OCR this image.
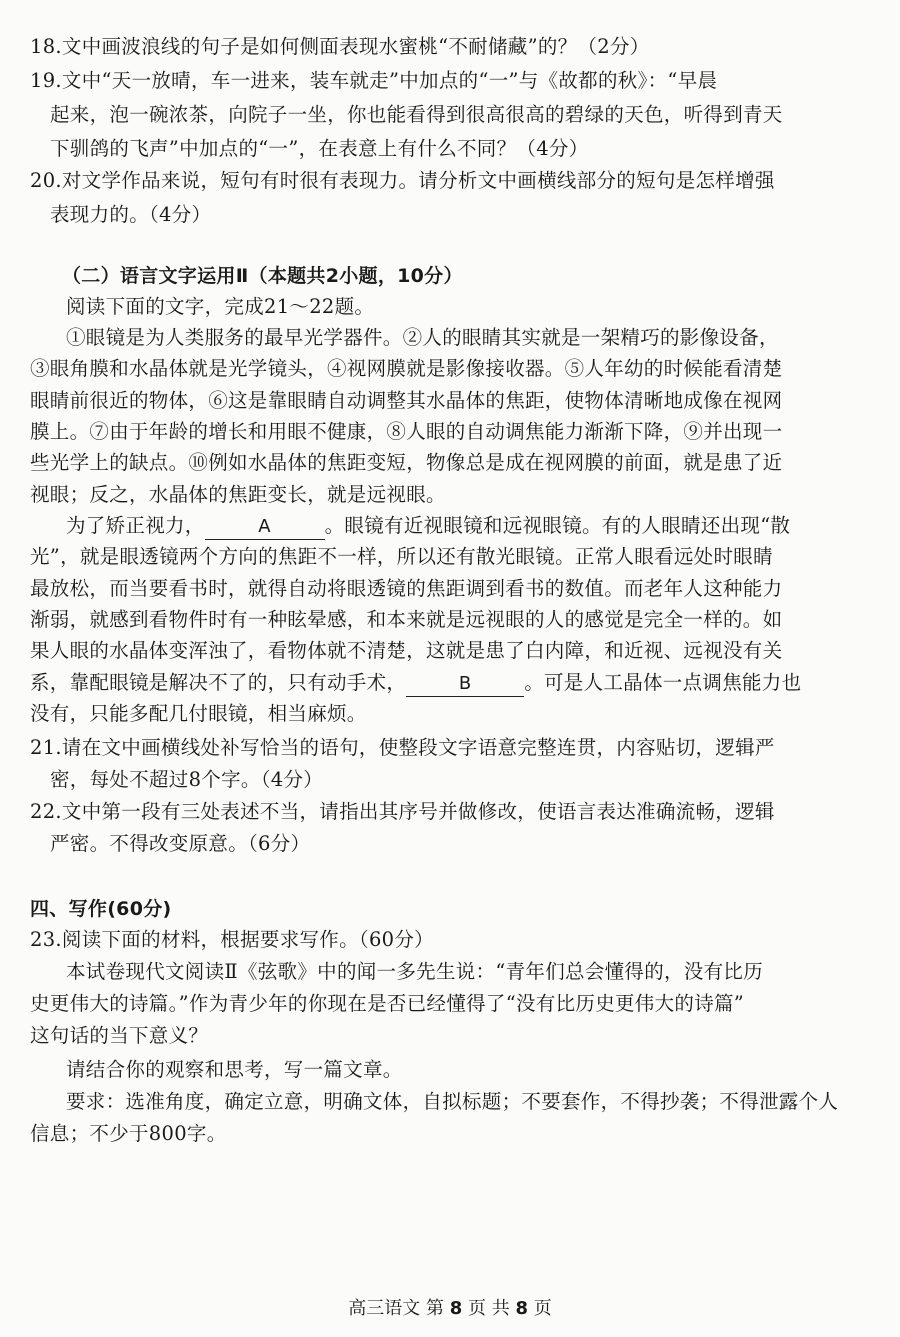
18.文中画波浪线的句子是如何侧面表现水蜜桃“不耐储藏”的？（2分）
19.文中“天一放晴，车一进来，装车就走”中加点的“一”与《故都的秋》：“早晨
起来，泡一碗浓茶，向院子一坐，你也能看得到很高很高的碧绿的天色，听得到青天
下驯鸽的飞声”中加点的“一”，在表意上有什么不同？（4分）
20.对文学作品来说，短句有时很有表现力。请分析文中画横线部分的短句是怎样增强
表现力的。（4分）
（二）语言文字运用Ⅱ（本题共2小题，10分）
阅读下面的文字，完成21～22题。
①眼镜是为人类服务的最早光学器件。②人的眼睛其实就是一架精巧的影像设备，
③眼角膜和水晶体就是光学镜头，④视网膜就是影像接收器。⑤人年幼的时候能看清楚
眼睛前很近的物体，⑥这是靠眼睛自动调整其水晶体的焦距，使物体清晰地成像在视网
膜上。⑦由于年龄的增长和用眼不健康，⑧人眼的自动调焦能力渐渐下降，⑨并出现一
些光学上的缺点。⑩例如水晶体的焦距变短，物像总是成在视网膜的前面，就是患了近
视眼；反之，水晶体的焦距变长，就是远视眼。
为了矫正视力，	A	。眼镜有近视眼镜和远视眼镜。有的人眼睛还出现“散
光”，就是眼透镜两个方向的焦距不一样，所以还有散光眼镜。正常人眼看远处时眼睛
最放松，而当要看书时，就得自动将眼透镜的焦距调到看书的数值。而老年人这种能力
渐弱，就感到看物件时有一种眩晕感，和本来就是远视眼的人的感觉是完全一样的。如
果人眼的水晶体变浑浊了，看物体就不清楚，这就是患了白内障，和近视、远视没有关
系，靠配眼镜是解决不了的，只有动手术，	B	。可是人工晶体一点调焦能力也
没有，只能多配几付眼镜，相当麻烦。
21.请在文中画横线处补写恰当的语句，使整段文字语意完整连贯，内容贴切，逻辑严
密，每处不超过8个字。（4分）
22.文中第一段有三处表述不当，请指出其序号并做修改，使语言表达准确流畅，逻辑
严密。不得改变原意。（6分）
四、写作(60分)
23.阅读下面的材料，根据要求写作。（60分）
本试卷现代文阅读Ⅱ《弦歌》中的闻一多先生说：“青年们总会懂得的，没有比历
史更伟大的诗篇。”作为青少年的你现在是否已经懂得了“没有比历史更伟大的诗篇”
这句话的当下意义？
请结合你的观察和思考，写一篇文章。
要求：选准角度，确定立意，明确文体，自拟标题；不要套作，不得抄袭；不得泄露个人
信息；不少于800字。
高三语文 第 8 页 共 8 页
